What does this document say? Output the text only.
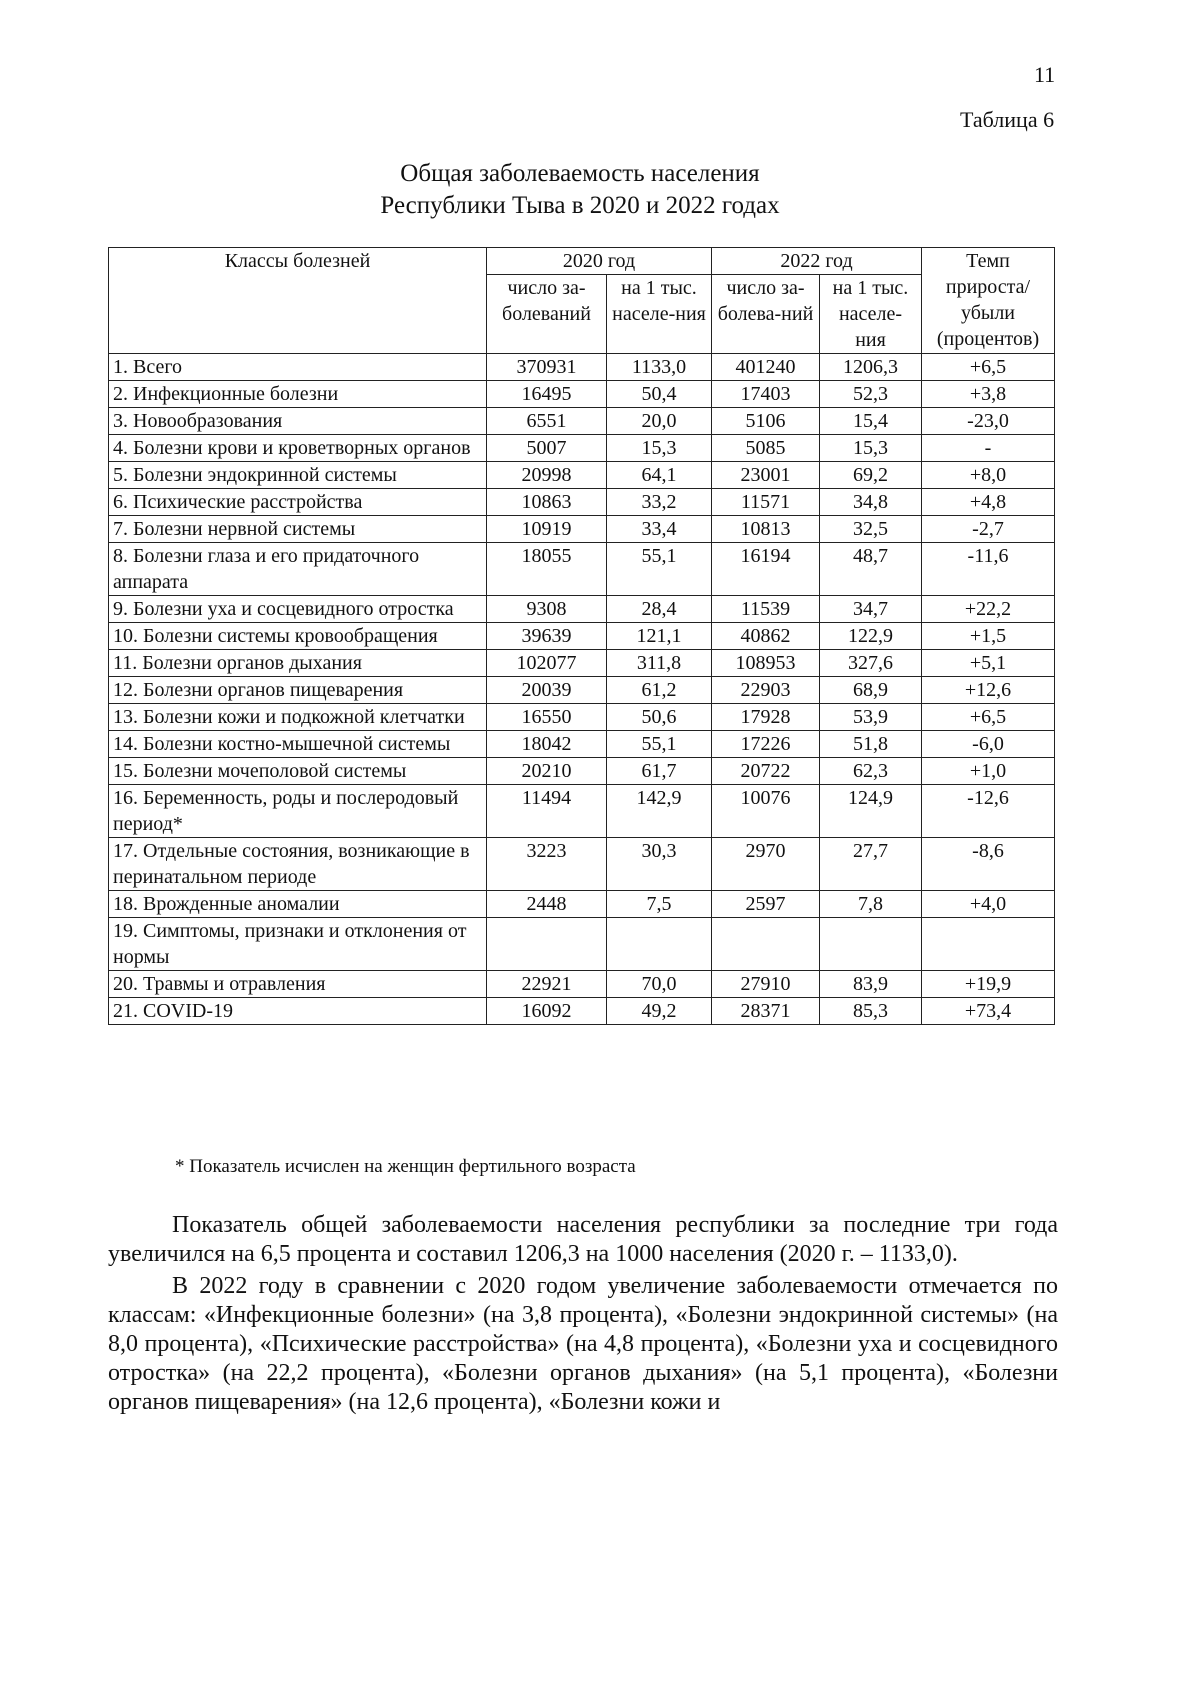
11
Таблица 6
Общая заболеваемость населения
Республики Тыва в 2020 и 2022 годах
Классы болезней	2020 год		2022 год		Темп прироста/ убыли (процентов)
	число за-болеваний	на 1 тыс. населе-ния	число за-болева-ний	на 1 тыс. населе-ния	
1. Всего	370931	1133,0	401240	1206,3	+6,5
2. Инфекционные болезни	16495	50,4	17403	52,3	+3,8
3. Новообразования	6551	20,0	5106	15,4	-23,0
4. Болезни крови и кроветворных органов	5007	15,3	5085	15,3	-
5. Болезни эндокринной системы	20998	64,1	23001	69,2	+8,0
6. Психические расстройства	10863	33,2	11571	34,8	+4,8
7. Болезни нервной системы	10919	33,4	10813	32,5	-2,7
8. Болезни глаза и его придаточного аппарата	18055	55,1	16194	48,7	-11,6
9. Болезни уха и сосцевидного отростка	9308	28,4	11539	34,7	+22,2
10. Болезни системы кровообращения	39639	121,1	40862	122,9	+1,5
11. Болезни органов дыхания	102077	311,8	108953	327,6	+5,1
12. Болезни органов пищеварения	20039	61,2	22903	68,9	+12,6
13. Болезни кожи и подкожной клетчатки	16550	50,6	17928	53,9	+6,5
14. Болезни костно-мышечной системы	18042	55,1	17226	51,8	-6,0
15. Болезни мочеполовой системы	20210	61,7	20722	62,3	+1,0
16. Беременность, роды и послеродовый период*	11494	142,9	10076	124,9	-12,6
17. Отдельные состояния, возникающие в перинатальном периоде	3223	30,3	2970	27,7	-8,6
18. Врожденные аномалии	2448	7,5	2597	7,8	+4,0
19. Симптомы, признаки и отклонения от нормы					
20. Травмы и отравления	22921	70,0	27910	83,9	+19,9
21. COVID-19	16092	49,2	28371	85,3	+73,4
* Показатель исчислен на женщин фертильного возраста

Показатель общей заболеваемости населения республики за последние три года увеличился на 6,5 процента и составил 1206,3 на 1000 населения (2020 г. – 1133,0).

В 2022 году в сравнении с 2020 годом увеличение заболеваемости отмечается по классам: «Инфекционные болезни» (на 3,8 процента), «Болезни эндокринной системы» (на 8,0 процента), «Психические расстройства» (на 4,8 процента), «Болезни уха и сосцевидного отростка» (на 22,2 процента), «Болезни органов дыхания» (на 5,1 процента), «Болезни органов пищеварения» (на 12,6 процента), «Болезни кожи и
